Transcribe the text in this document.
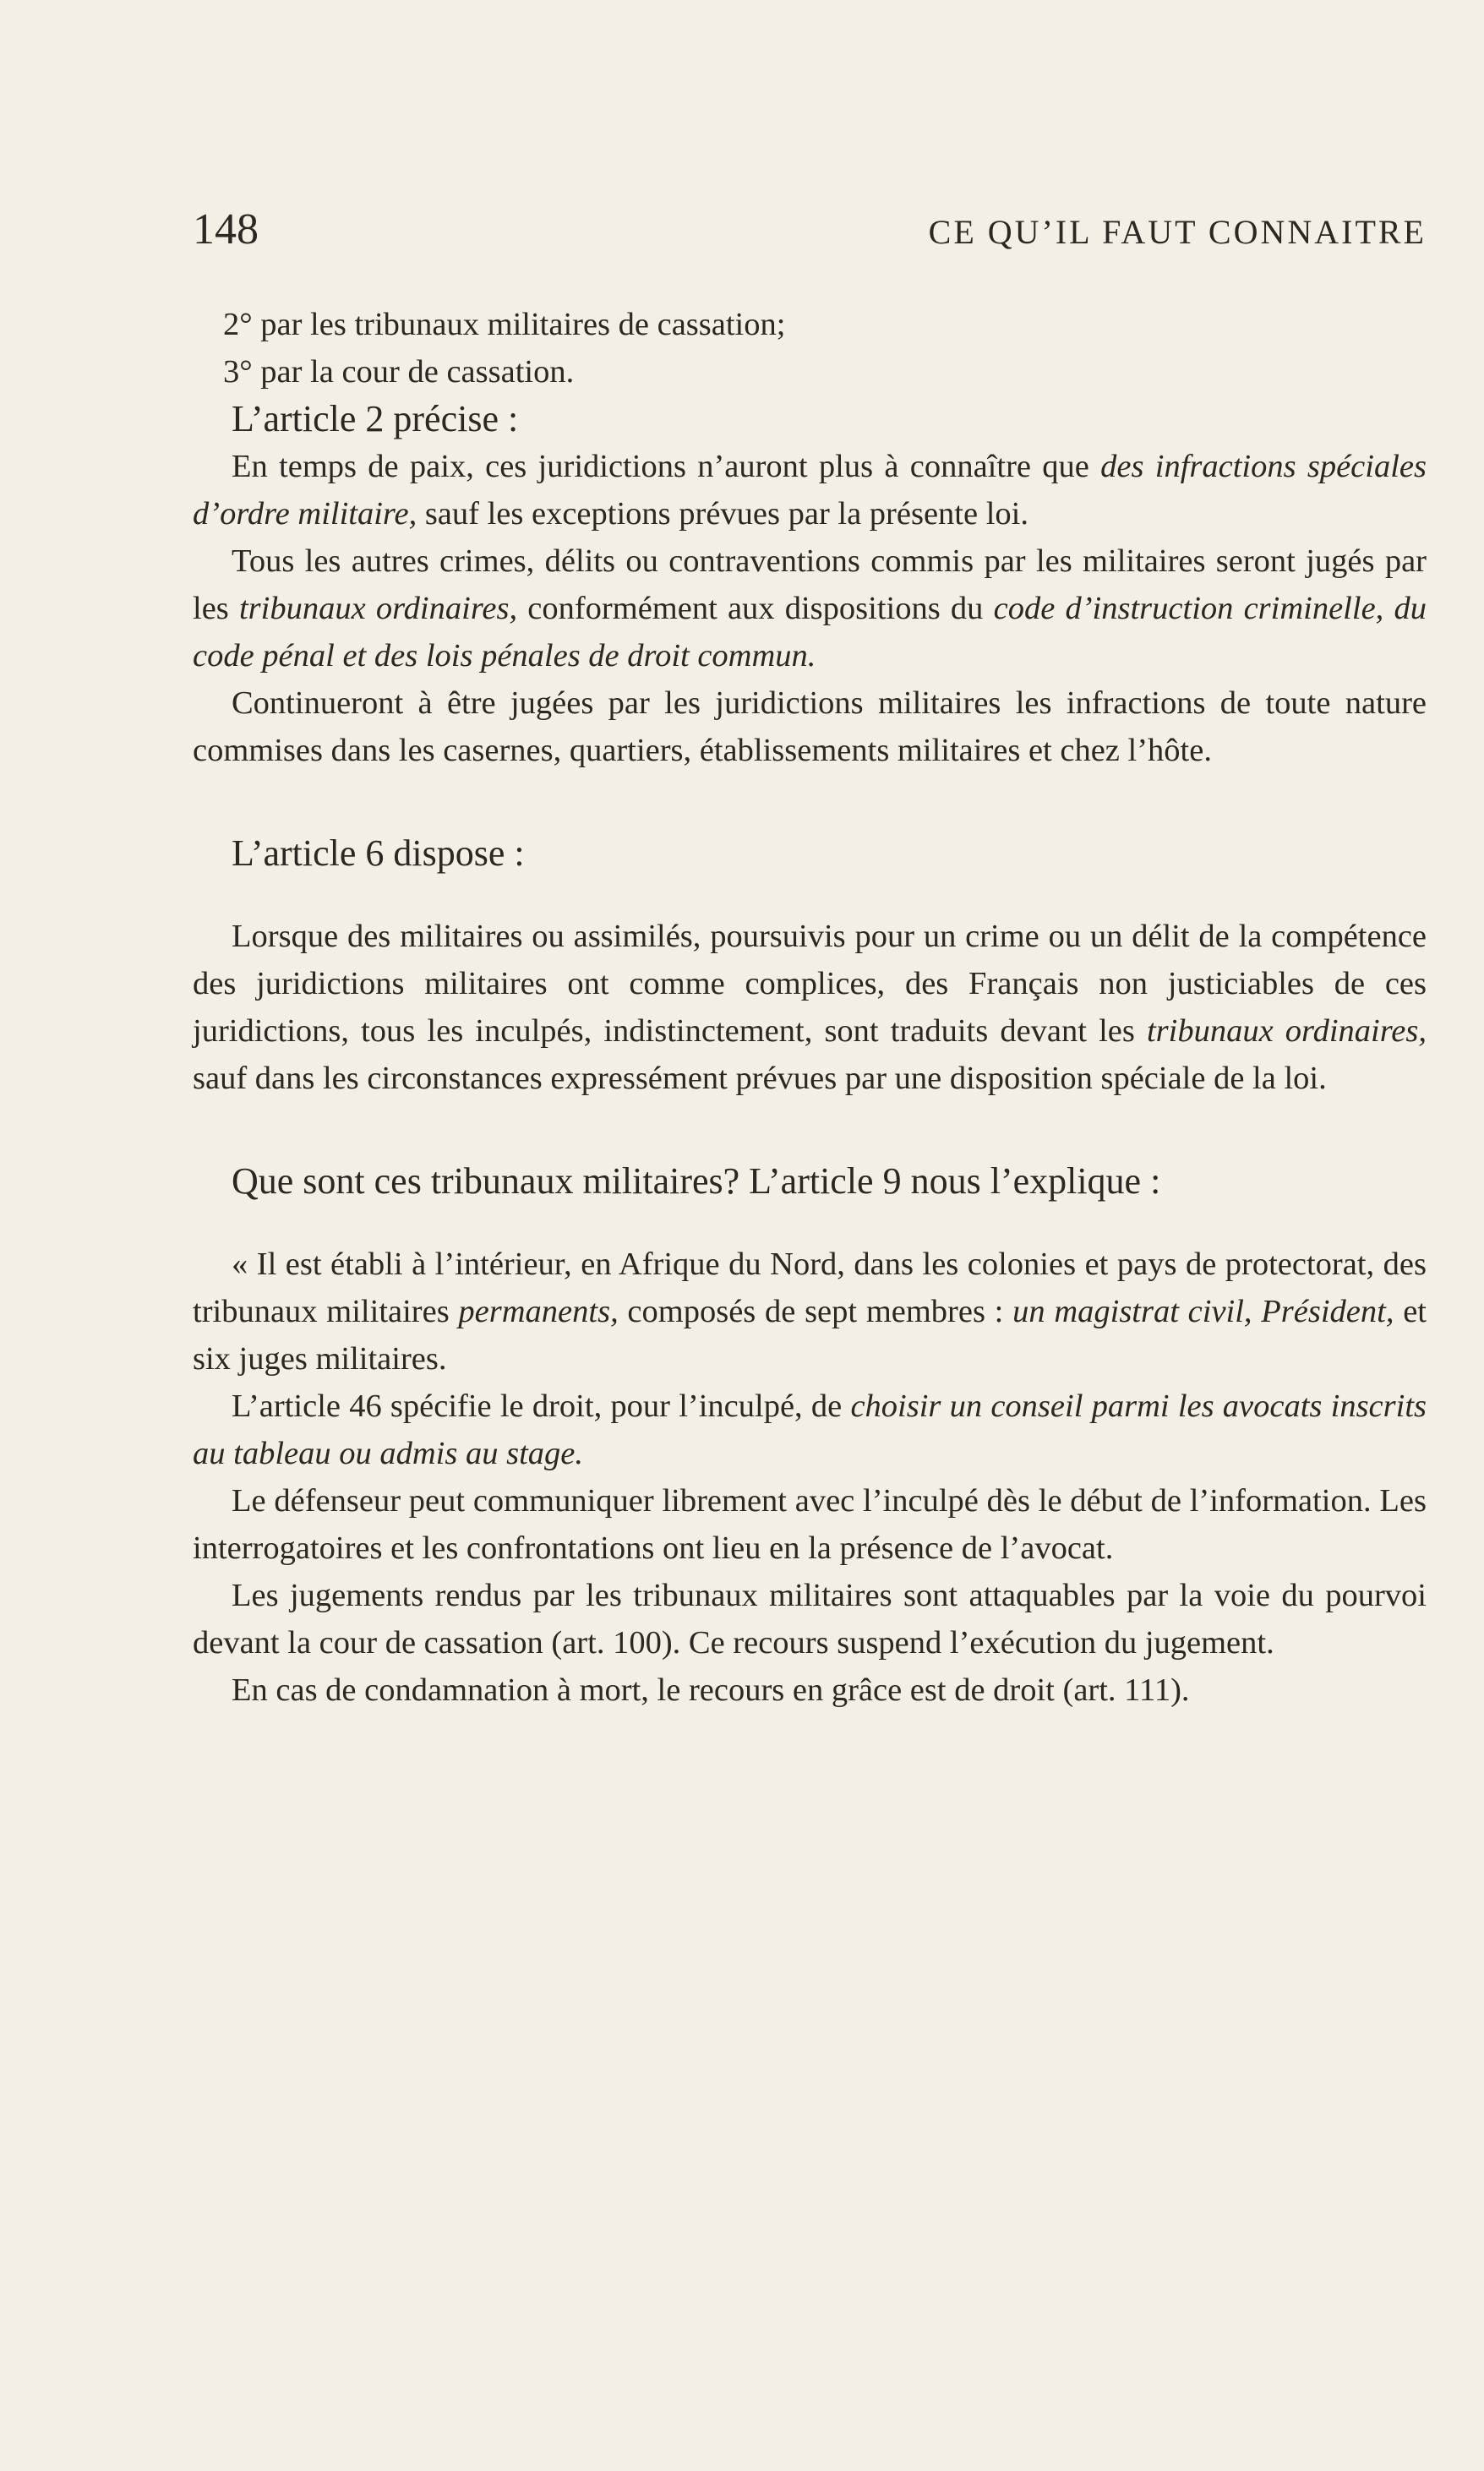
148	CE QU’IL FAUT CONNAITRE

2° par les tribunaux militaires de cassation;

3° par la cour de cassation.

L’article 2 précise :

En temps de paix, ces juridictions n’auront plus à connaître que des infractions spéciales d’ordre militaire, sauf les exceptions prévues par la présente loi.

Tous les autres crimes, délits ou contraventions commis par les militaires seront jugés par les tribunaux ordinaires, conformément aux dispositions du code d’instruction criminelle, du code pénal et des lois pénales de droit commun.

Continueront à être jugées par les juridictions militaires les infractions de toute nature commises dans les casernes, quartiers, établissements militaires et chez l’hôte.

L’article 6 dispose :

Lorsque des militaires ou assimilés, poursuivis pour un crime ou un délit de la compétence des juridictions militaires ont comme complices, des Français non justiciables de ces juridictions, tous les inculpés, indistinctement, sont traduits devant les tribunaux ordinaires, sauf dans les circonstances expressément prévues par une disposition spéciale de la loi.

Que sont ces tribunaux militaires? L’article 9 nous l’explique :

« Il est établi à l’intérieur, en Afrique du Nord, dans les colonies et pays de protectorat, des tribunaux militaires permanents, composés de sept membres : un magistrat civil, Président, et six juges militaires.

L’article 46 spécifie le droit, pour l’inculpé, de choisir un conseil parmi les avocats inscrits au tableau ou admis au stage.

Le défenseur peut communiquer librement avec l’inculpé dès le début de l’information. Les interrogatoires et les confrontations ont lieu en la présence de l’avocat.

Les jugements rendus par les tribunaux militaires sont attaquables par la voie du pourvoi devant la cour de cassation (art. 100). Ce recours suspend l’exécution du jugement.

En cas de condamnation à mort, le recours en grâce est de droit (art. 111).
